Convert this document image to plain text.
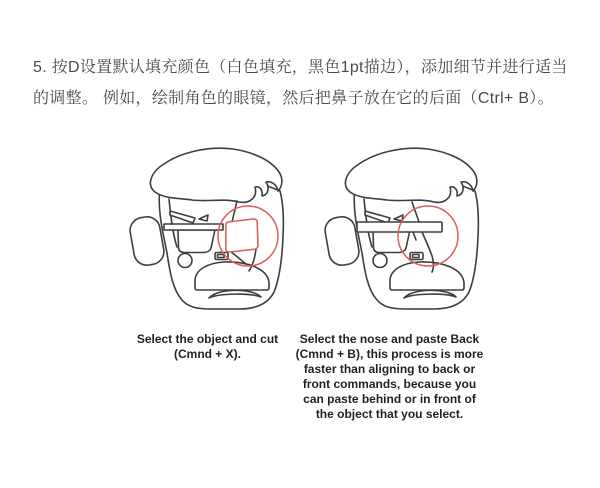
5. 按D设置默认填充颜色（白色填充，黑色1pt描边），添加细节并进行适当
的调整。 例如，绘制角色的眼镜，然后把鼻子放在它的后面（Ctrl+ B）。
Select the object and cut
(Cmnd + X).
Select the nose and paste Back
(Cmnd + B), this process is more
faster than aligning to back or
front commands, because you
can paste behind or in front of
the object that you select.
